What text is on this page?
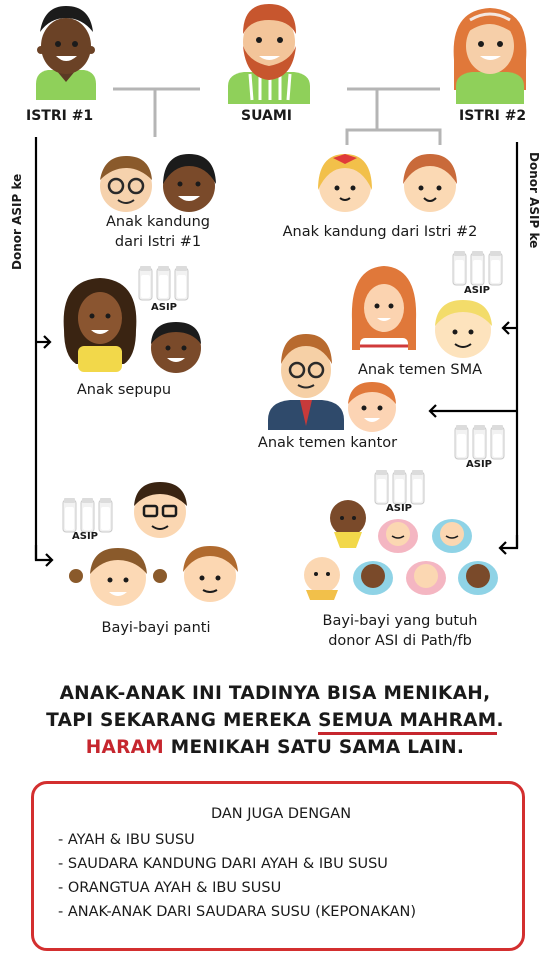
ISTRI #1	SUAMI	ISTRI #2
Donor ASIP ke	Donor ASIP ke
Anak kandung
dari Istri #1
Anak kandung dari Istri #2
Anak sepupu
Anak temen SMA
Anak temen kantor
Bayi-bayi panti	Bayi-bayi yang butuh
donor ASI di Path/fb
ASIP
ASIP
ASIP
ASIP
ASIP
ANAK-ANAK INI TADINYA BISA MENIKAH,
TAPI SEKARANG MEREKA SEMUA MAHRAM.
HARAM MENIKAH SATU SAMA LAIN.
DAN JUGA DENGAN
- AYAH & IBU SUSU
- SAUDARA KANDUNG DARI AYAH & IBU SUSU
- ORANGTUA AYAH & IBU SUSU
- ANAK-ANAK DARI SAUDARA SUSU (KEPONAKAN)
